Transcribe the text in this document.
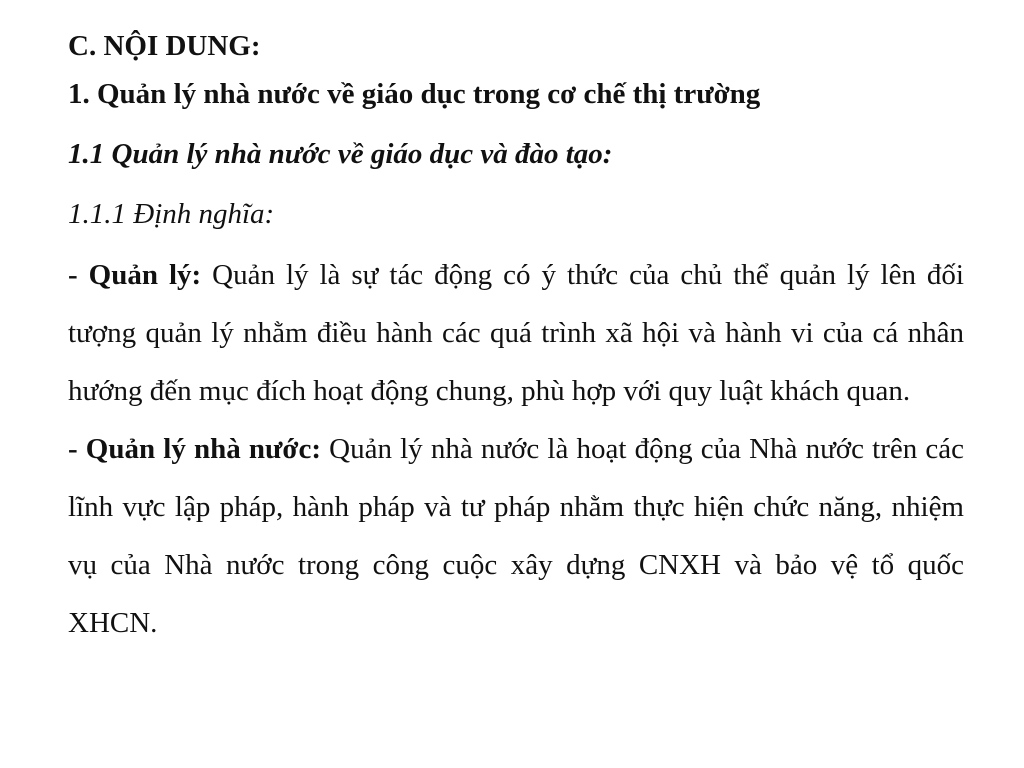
C. NỘI DUNG:

1. Quản lý nhà nước về giáo dục trong cơ chế thị trường

1.1 Quản lý nhà nước về giáo dục và đào tạo:

1.1.1 Định nghĩa:

- Quản lý: Quản lý là sự tác động có ý thức của chủ thể quản lý lên đối tượng quản lý nhằm điều hành các quá trình xã hội và hành vi của cá nhân hướng đến mục đích hoạt động chung, phù hợp với quy luật khách quan.

- Quản lý nhà nước: Quản lý nhà nước là hoạt động của Nhà nước trên các lĩnh vực lập pháp, hành pháp và tư pháp nhằm thực hiện chức năng, nhiệm vụ của Nhà nước trong công cuộc xây dựng CNXH và bảo vệ tổ quốc XHCN.
